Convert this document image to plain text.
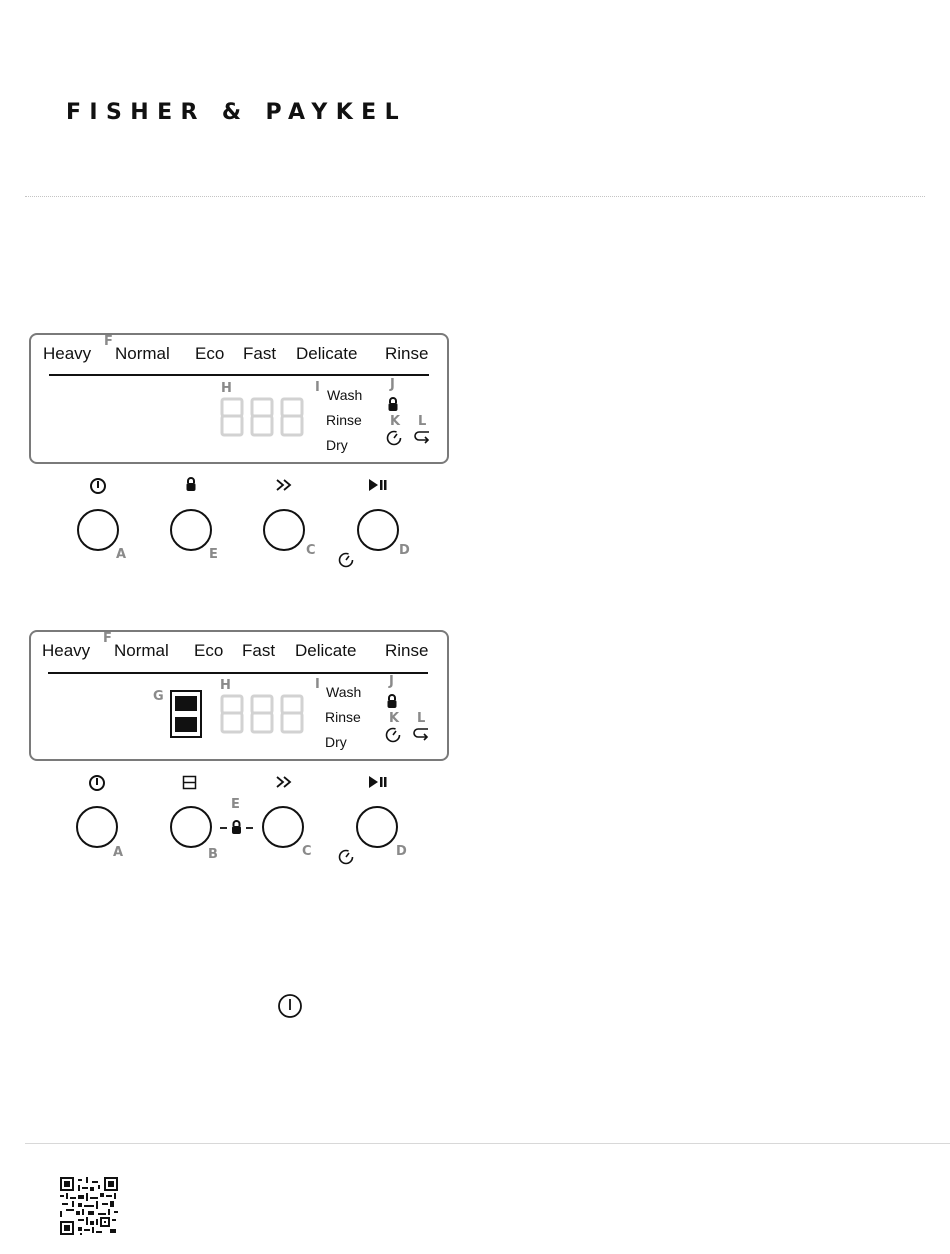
FISHER & PAYKEL
Heavy
F
Normal Eco Fast Delicate Rinse
H	I Wash
Rinse
Dry
J
K L
A	E	C	D
Heavy
F
Normal Eco Fast Delicate Rinse
G
H	I Wash
Rinse
Dry
J
K L
A	B
E
C	D
